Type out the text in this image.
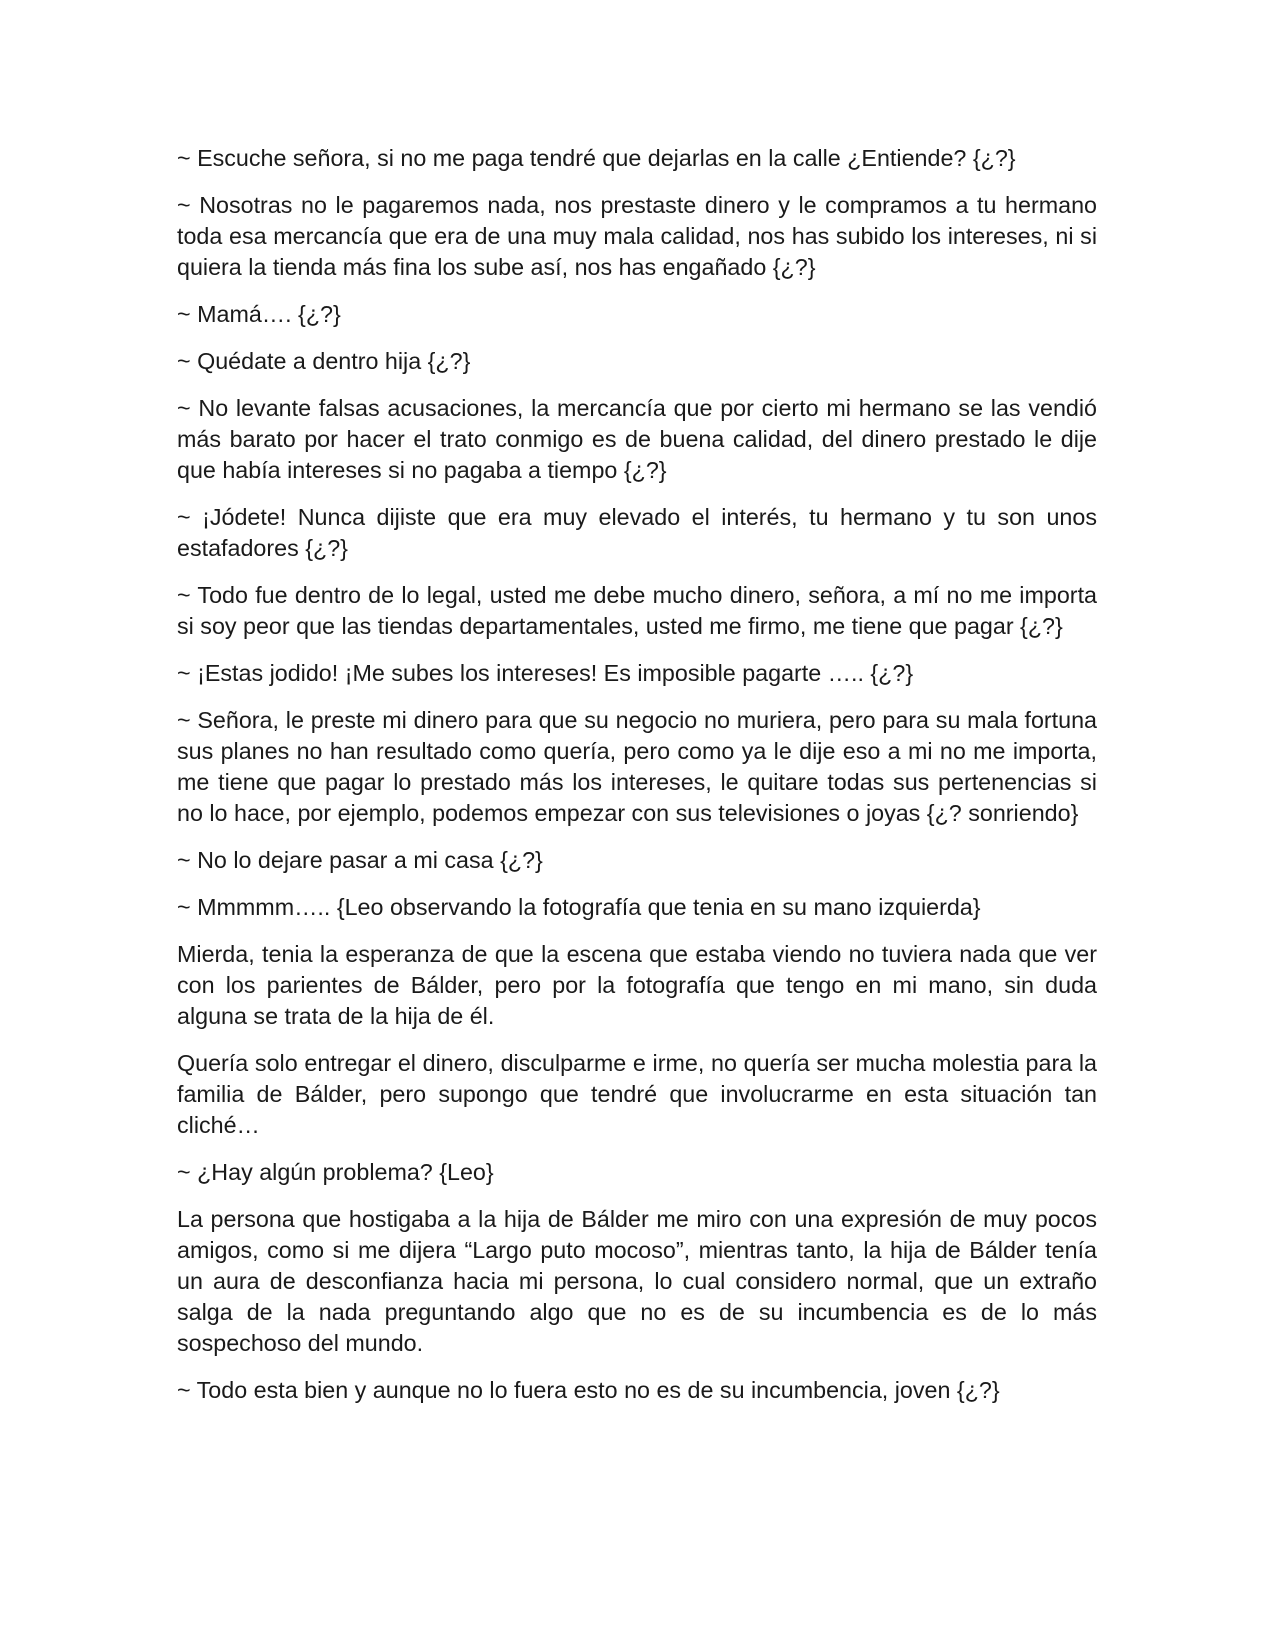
~ Escuche señora, si no me paga tendré que dejarlas en la calle ¿Entiende? {¿?}

~ Nosotras no le pagaremos nada, nos prestaste dinero y le compramos a tu hermano toda esa mercancía que era de una muy mala calidad, nos has subido los intereses, ni si quiera la tienda más fina los sube así, nos has engañado {¿?}

~ Mamá…. {¿?}

~ Quédate a dentro hija {¿?}

~ No levante falsas acusaciones, la mercancía que por cierto mi hermano se las vendió más barato por hacer el trato conmigo es de buena calidad, del dinero prestado le dije que había intereses si no pagaba a tiempo {¿?}

~ ¡Jódete! Nunca dijiste que era muy elevado el interés, tu hermano y tu son unos estafadores {¿?}

~ Todo fue dentro de lo legal, usted me debe mucho dinero, señora, a mí no me importa si soy peor que las tiendas departamentales, usted me firmo, me tiene que pagar {¿?}

~ ¡Estas jodido! ¡Me subes los intereses! Es imposible pagarte ….. {¿?}

~ Señora, le preste mi dinero para que su negocio no muriera, pero para su mala fortuna sus planes no han resultado como quería, pero como ya le dije eso a mi no me importa, me tiene que pagar lo prestado más los intereses, le quitare todas sus pertenencias si no lo hace, por ejemplo, podemos empezar con sus televisiones o joyas {¿? sonriendo}

~ No lo dejare pasar a mi casa {¿?}

~ Mmmmm….. {Leo observando la fotografía que tenia en su mano izquierda}

Mierda, tenia la esperanza de que la escena que estaba viendo no tuviera nada que ver con los parientes de Bálder, pero por la fotografía que tengo en mi mano, sin duda alguna se trata de la hija de él.

Quería solo entregar el dinero, disculparme e irme, no quería ser mucha molestia para la familia de Bálder, pero supongo que tendré que involucrarme en esta situación tan cliché…

~ ¿Hay algún problema? {Leo}

La persona que hostigaba a la hija de Bálder me miro con una expresión de muy pocos amigos, como si me dijera “Largo puto mocoso”, mientras tanto, la hija de Bálder tenía un aura de desconfianza hacia mi persona, lo cual considero normal, que un extraño salga de la nada preguntando algo que no es de su incumbencia es de lo más sospechoso del mundo.

~ Todo esta bien y aunque no lo fuera esto no es de su incumbencia, joven {¿?}
